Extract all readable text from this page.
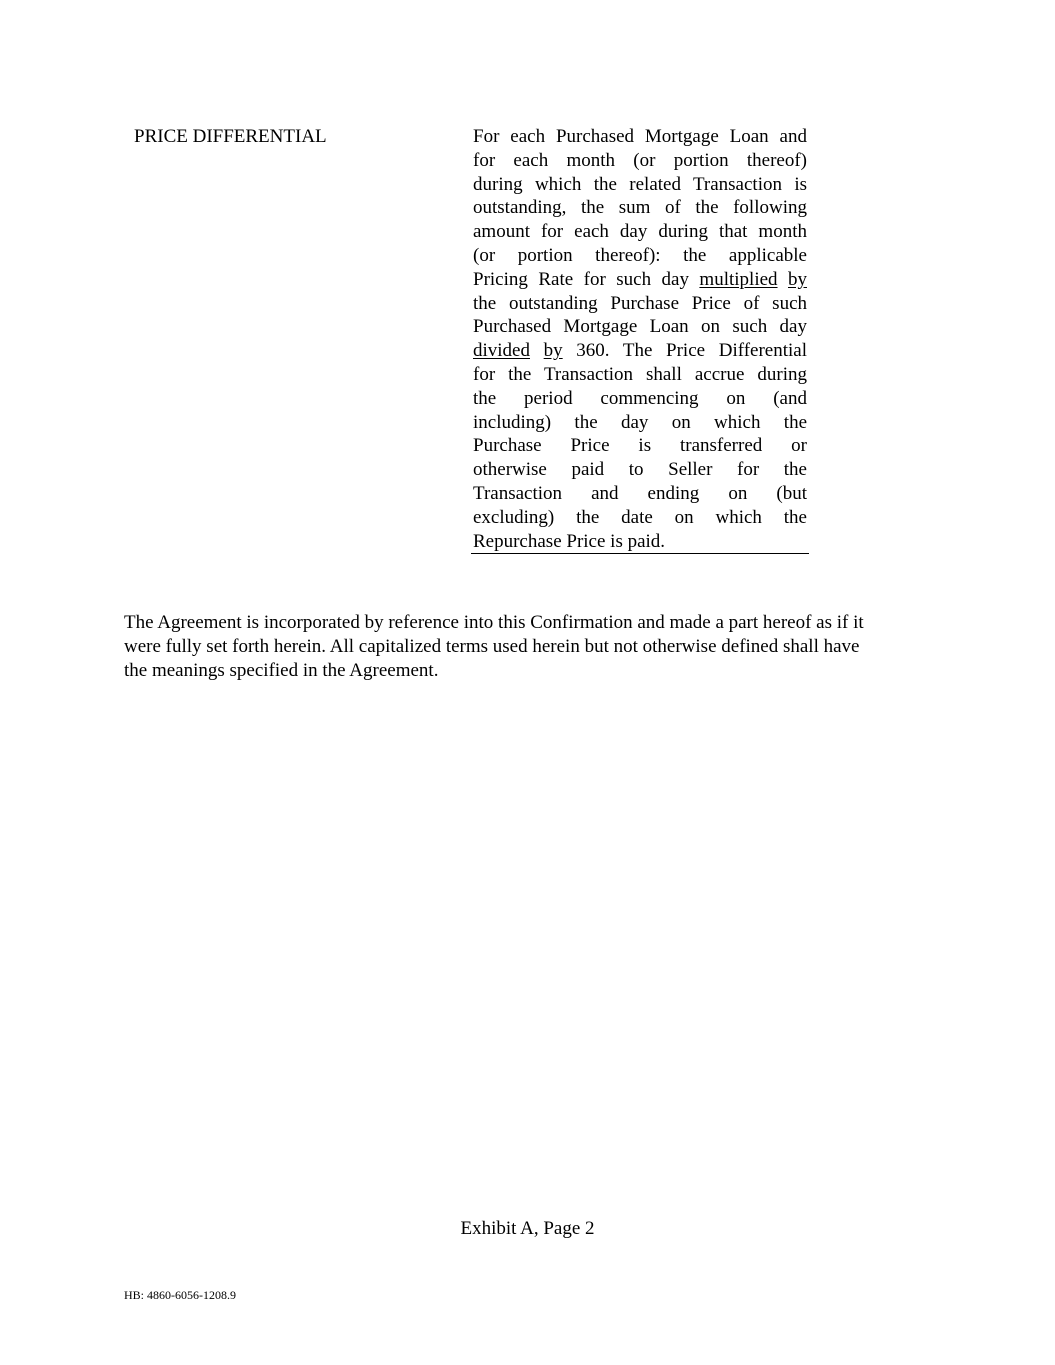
PRICE DIFFERENTIAL	For each Purchased Mortgage Loan and
for each month (or portion thereof)
during which the related Transaction is
outstanding, the sum of the following
amount for each day during that month
(or portion thereof): the applicable
Pricing Rate for such day multiplied by
the outstanding Purchase Price of such
Purchased Mortgage Loan on such day
divided by 360. The Price Differential
for the Transaction shall accrue during
the period commencing on (and
including) the day on which the
Purchase Price is transferred or
otherwise paid to Seller for the
Transaction and ending on (but
excluding) the date on which the
Repurchase Price is paid.
The Agreement is incorporated by reference into this Confirmation and made a part hereof as if it
were fully set forth herein. All capitalized terms used herein but not otherwise defined shall have
the meanings specified in the Agreement.
Exhibit A, Page 2
HB: 4860-6056-1208.9
